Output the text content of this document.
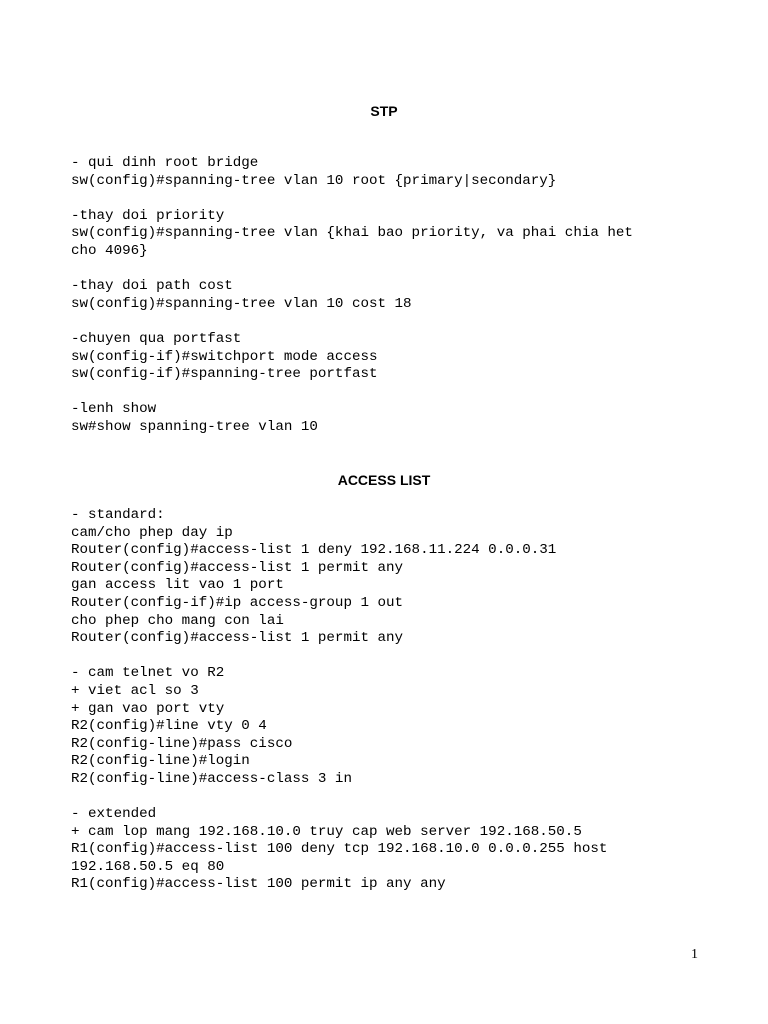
STP
- qui dinh root bridge
sw(config)#spanning-tree vlan 10 root {primary|secondary}
-thay doi priority
sw(config)#spanning-tree vlan {khai bao priority, va phai chia het
cho 4096}
-thay doi path cost
sw(config)#spanning-tree vlan 10 cost 18
-chuyen qua portfast
sw(config-if)#switchport mode access
sw(config-if)#spanning-tree portfast
-lenh show
sw#show spanning-tree vlan 10
ACCESS LIST
- standard:
cam/cho phep day ip
Router(config)#access-list 1 deny 192.168.11.224 0.0.0.31
Router(config)#access-list 1 permit any
gan access lit vao 1 port
Router(config-if)#ip access-group 1 out
cho phep cho mang con lai
Router(config)#access-list 1 permit any
- cam telnet vo R2
+ viet acl so 3
+ gan vao port vty
R2(config)#line vty 0 4
R2(config-line)#pass cisco
R2(config-line)#login
R2(config-line)#access-class 3 in
- extended
+ cam lop mang 192.168.10.0 truy cap web server 192.168.50.5
R1(config)#access-list 100 deny tcp 192.168.10.0 0.0.0.255 host
192.168.50.5 eq 80
R1(config)#access-list 100 permit ip any any
1
